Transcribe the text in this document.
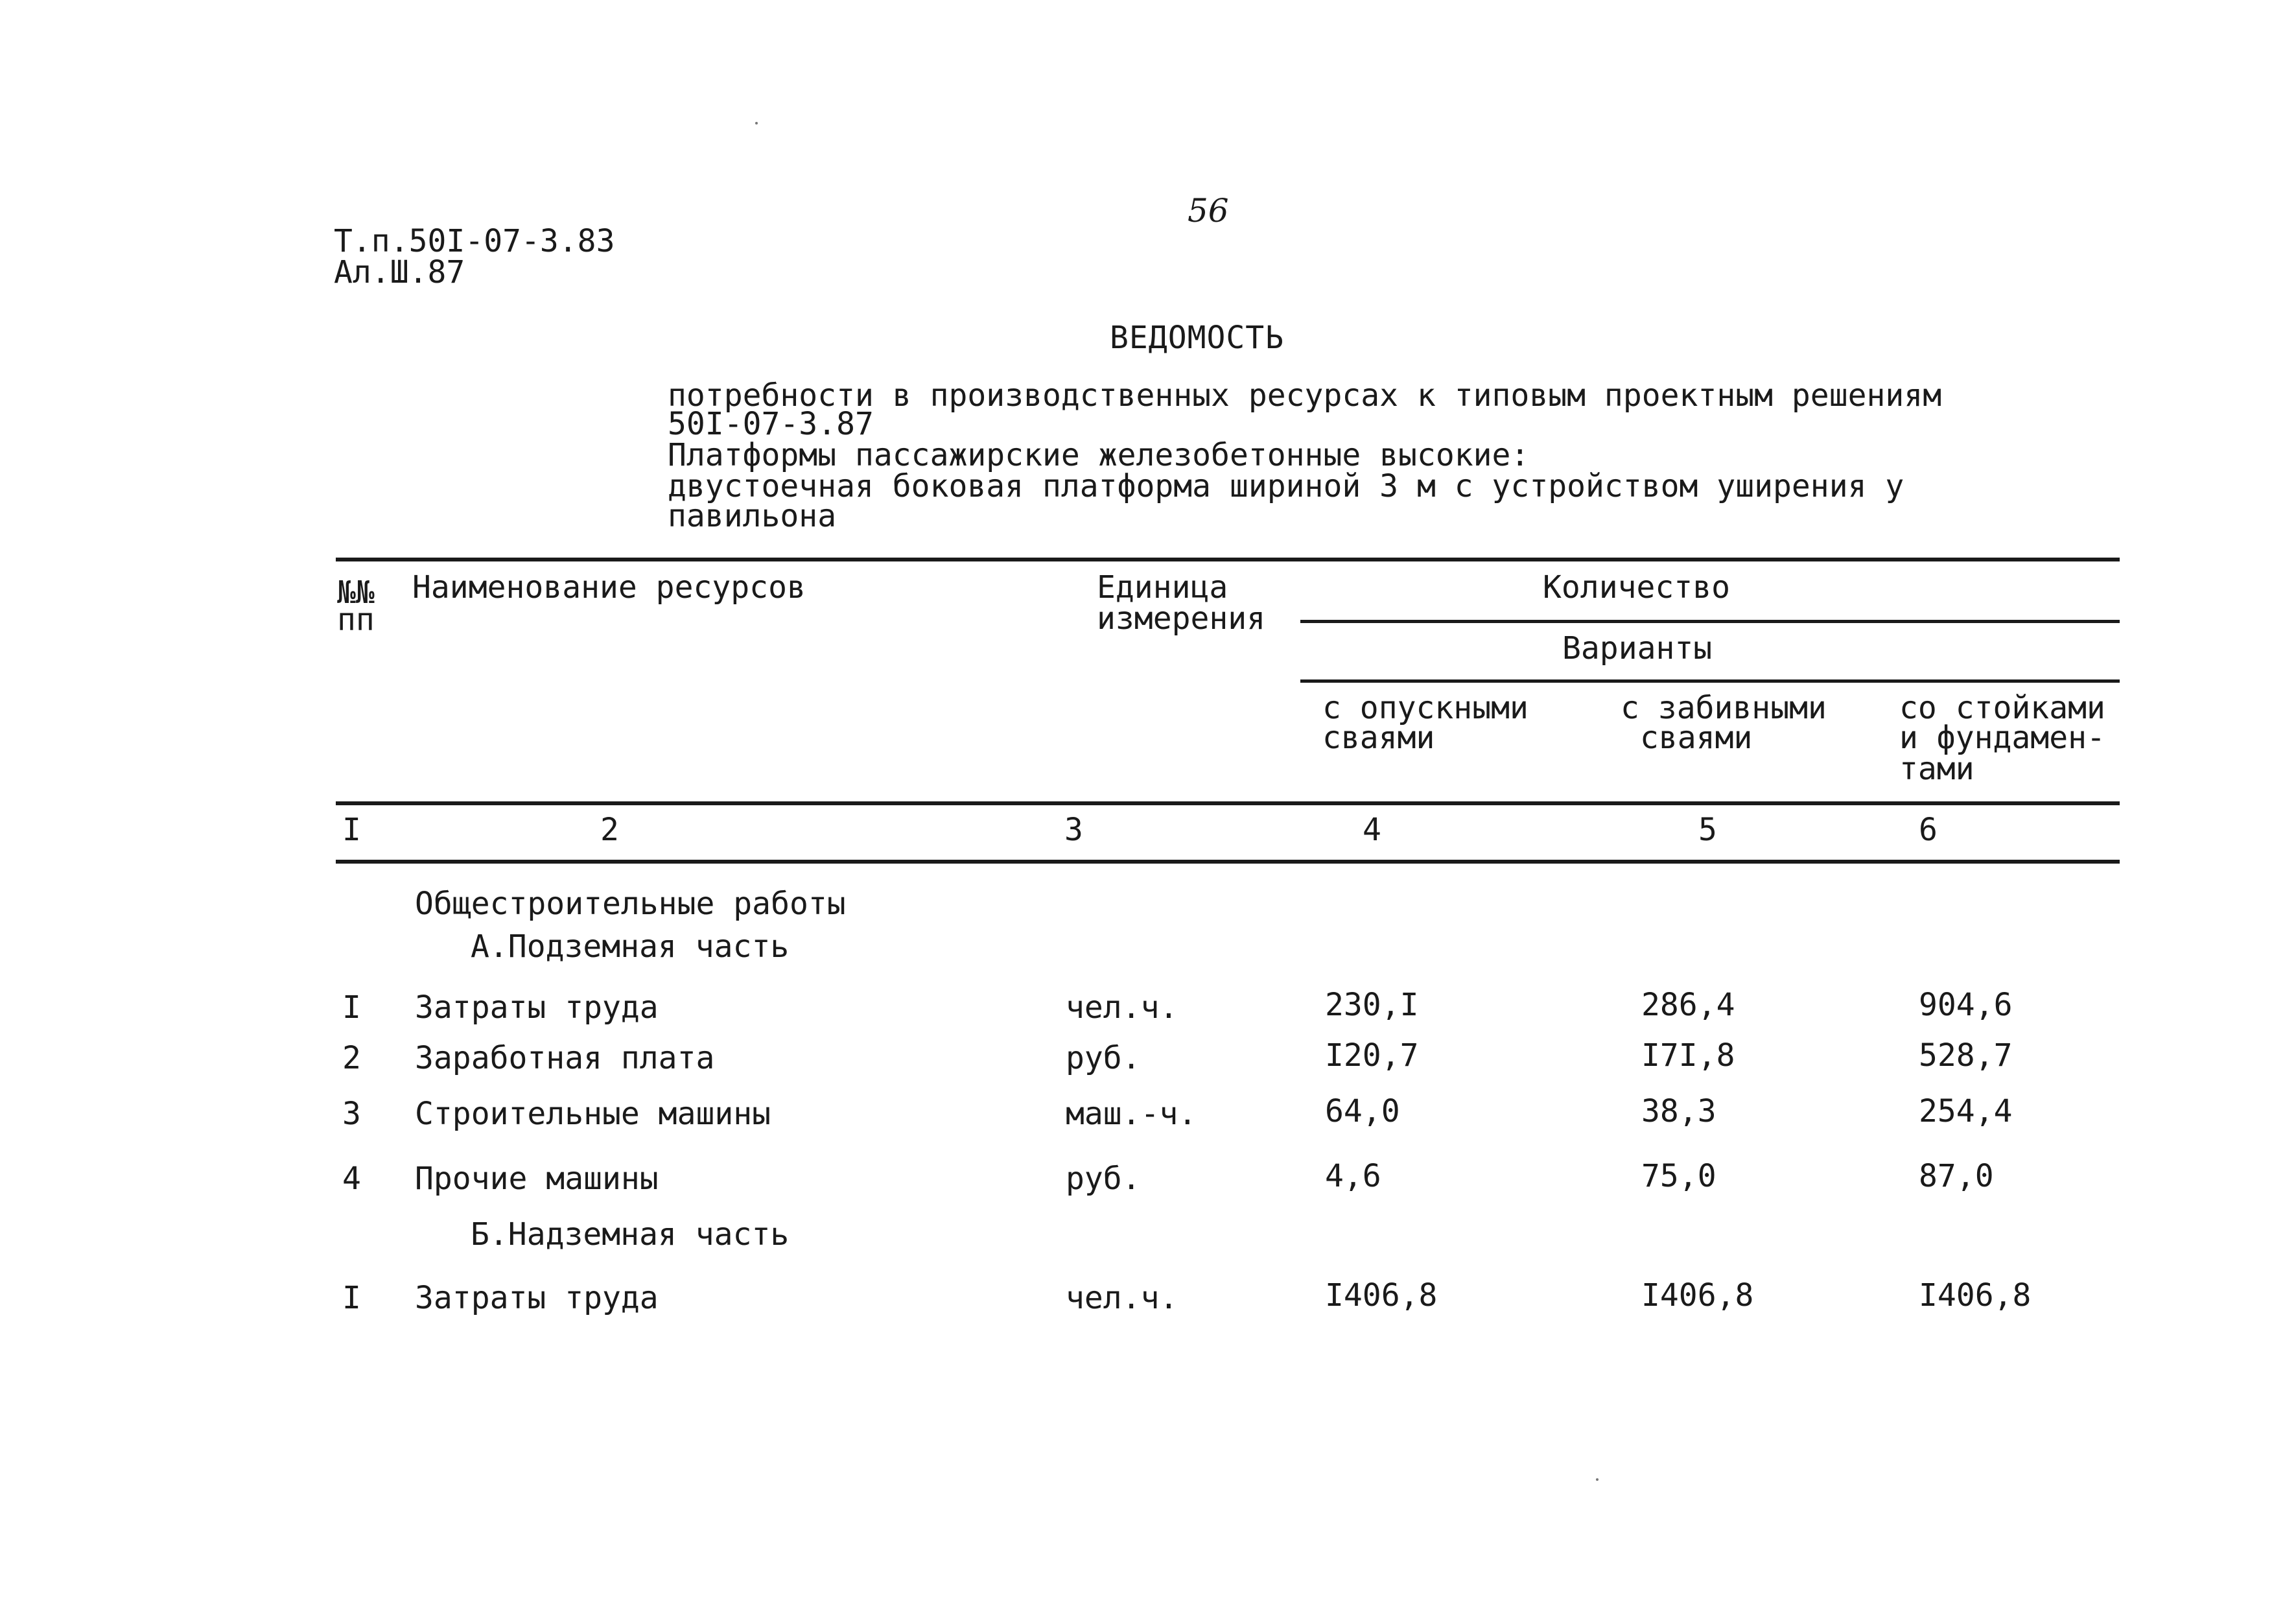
56
Т.п.50I-07-3.83
Ал.Ш.87
ВЕДОМОСТЬ
потребности в производственных ресурсах к типовым проектным решениям
50I-07-3.87
Платформы пассажирские железобетонные высокие:
двустоечная боковая платформа шириной 3 м с устройством уширения у
павильона
№№
пп
Наименование ресурсов	Единица
измерения
Количество
Варианты
с опускными
сваями
с забивными
сваями
со стойками
и фундамен-
тами
I	2	3	4	5	6
Общестроительные работы
А.Подземная часть
I Затраты труда	чел.ч.	230,I	286,4	904,6
2 Заработная плата	руб.	I20,7	I7I,8	528,7
3 Строительные машины	маш.-ч.	64,0	38,3	254,4
4 Прочие машины	руб.	4,6	75,0	87,0
Б.Надземная часть
I Затраты труда	чел.ч.	I406,8	I406,8	I406,8
